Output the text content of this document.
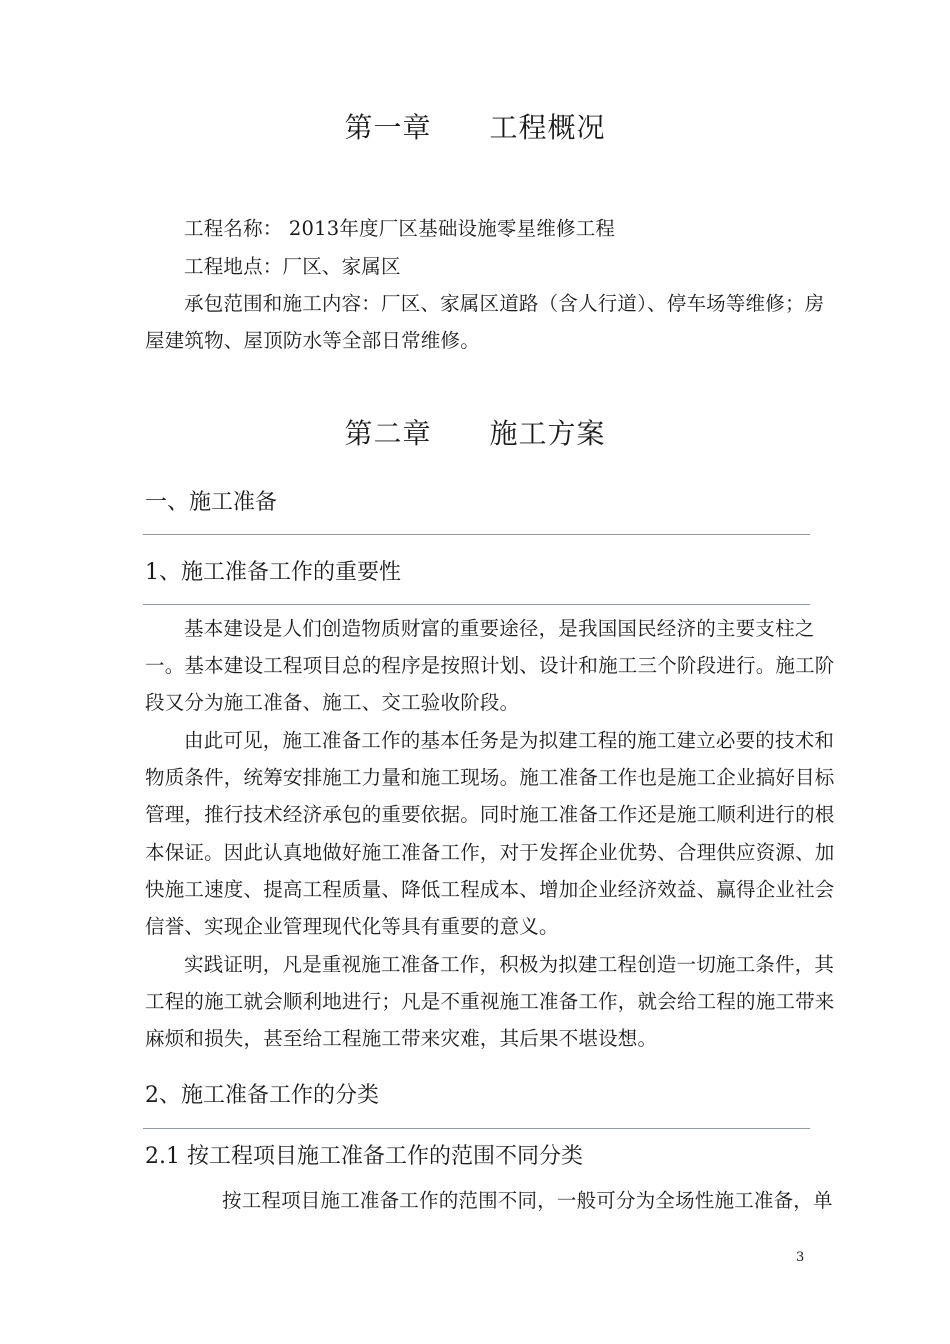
第一章　　工程概况
工程名称： 2013年度厂区基础设施零星维修工程
工程地点：厂区、家属区
承包范围和施工内容：厂区、家属区道路（含人行道）、停车场等维修；房
屋建筑物、屋顶防水等全部日常维修。
第二章　　施工方案
一、施工准备
1、施工准备工作的重要性
基本建设是人们创造物质财富的重要途径，是我国国民经济的主要支柱之
一。基本建设工程项目总的程序是按照计划、设计和施工三个阶段进行。施工阶
段又分为施工准备、施工、交工验收阶段。
由此可见，施工准备工作的基本任务是为拟建工程的施工建立必要的技术和
物质条件，统筹安排施工力量和施工现场。施工准备工作也是施工企业搞好目标
管理，推行技术经济承包的重要依据。同时施工准备工作还是施工顺利进行的根
本保证。因此认真地做好施工准备工作，对于发挥企业优势、合理供应资源、加
快施工速度、提高工程质量、降低工程成本、增加企业经济效益、赢得企业社会
信誉、实现企业管理现代化等具有重要的意义。
实践证明，凡是重视施工准备工作，积极为拟建工程创造一切施工条件，其
工程的施工就会顺利地进行；凡是不重视施工准备工作，就会给工程的施工带来
麻烦和损失，甚至给工程施工带来灾难，其后果不堪设想。
2、施工准备工作的分类
2.1 按工程项目施工准备工作的范围不同分类
按工程项目施工准备工作的范围不同，一般可分为全场性施工准备，单
3
